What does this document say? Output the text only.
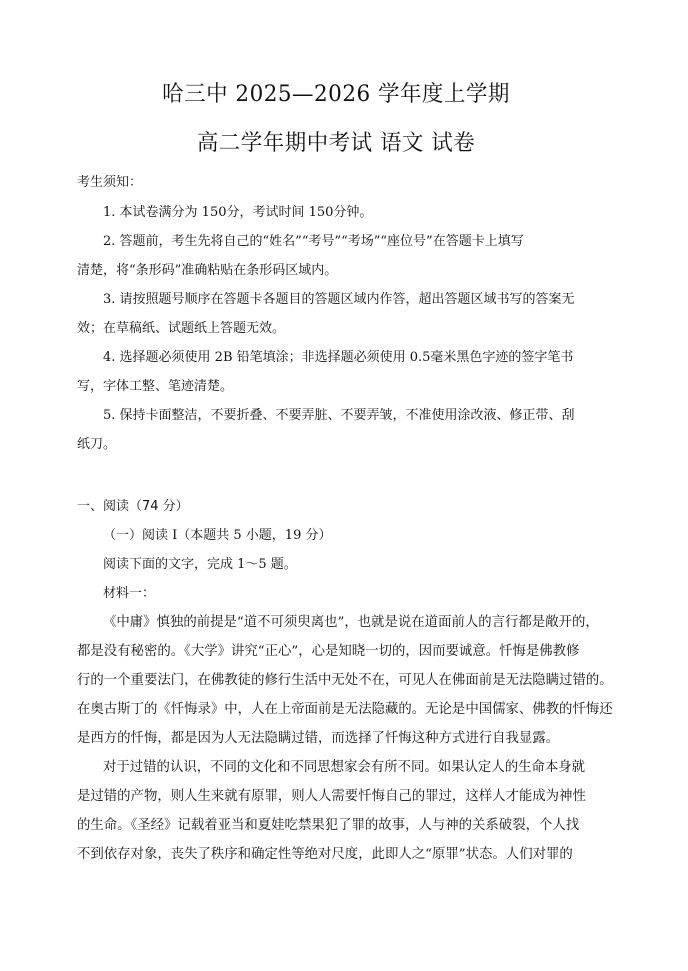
哈三中 2025—2026 学年度上学期
高二学年期中考试 语文 试卷
考生须知：
1. 本试卷满分为 150分，考试时间 150分钟。
2. 答题前，考生先将自己的“姓名”“考号”“考场”“座位号”在答题卡上填写
清楚，将“条形码”准确粘贴在条形码区域内。
3. 请按照题号顺序在答题卡各题目的答题区域内作答，超出答题区域书写的答案无
效；在草稿纸、试题纸上答题无效。
4. 选择题必须使用 2B 铅笔填涂；非选择题必须使用 0.5毫米黑色字迹的签字笔书
写，字体工整、笔迹清楚。
5. 保持卡面整洁，不要折叠、不要弄脏、不要弄皱，不准使用涂改液、修正带、刮
纸刀。
一、阅读（74 分）
（一）阅读 I（本题共 5 小题，19 分）
阅读下面的文字，完成 1～5 题。
材料一：
《中庸》慎独的前提是“道不可须臾离也”，也就是说在道面前人的言行都是敞开的，
都是没有秘密的。《大学》讲究“正心”，心是知晓一切的，因而要诚意。忏悔是佛教修
行的一个重要法门，在佛教徒的修行生活中无处不在，可见人在佛面前是无法隐瞒过错的。
在奥古斯丁的《忏悔录》中，人在上帝面前是无法隐藏的。无论是中国儒家、佛教的忏悔还
是西方的忏悔，都是因为人无法隐瞒过错，而选择了忏悔这种方式进行自我显露。
对于过错的认识，不同的文化和不同思想家会有所不同。如果认定人的生命本身就
是过错的产物，则人生来就有原罪，则人人需要忏悔自己的罪过，这样人才能成为神性
的生命。《圣经》记载着亚当和夏娃吃禁果犯了罪的故事，人与神的关系破裂，个人找
不到依存对象，丧失了秩序和确定性等绝对尺度，此即人之“原罪”状态。人们对罪的
